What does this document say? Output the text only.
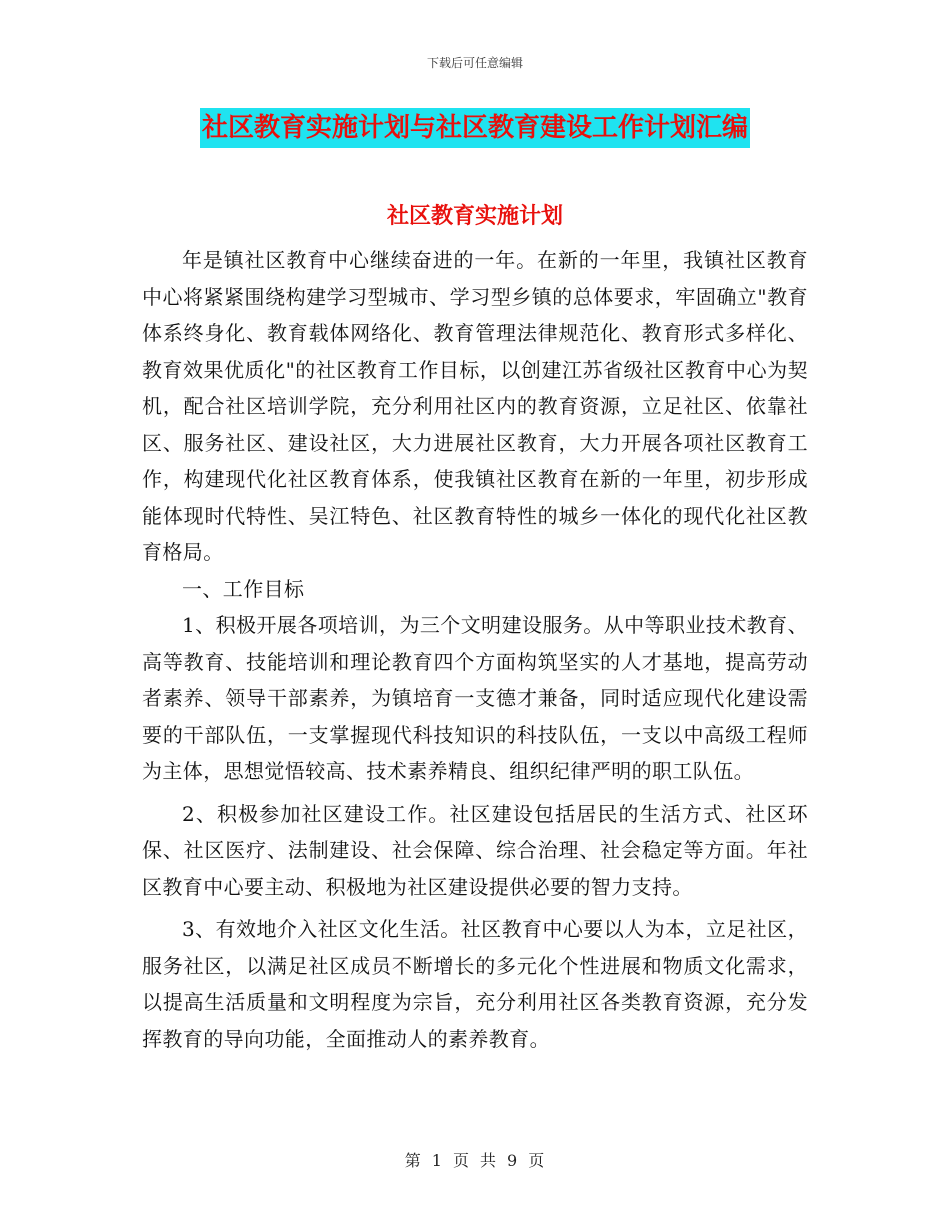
下载后可任意编辑
社区教育实施计划与社区教育建设工作计划汇编
社区教育实施计划

年是镇社区教育中心继续奋进的一年。在新的一年里，我镇社区教育中心将紧紧围绕构建学习型城市、学习型乡镇的总体要求，牢固确立"教育体系终身化、教育载体网络化、教育管理法律规范化、教育形式多样化、教育效果优质化"的社区教育工作目标，以创建江苏省级社区教育中心为契机，配合社区培训学院，充分利用社区内的教育资源，立足社区、依靠社区、服务社区、建设社区，大力进展社区教育，大力开展各项社区教育工作，构建现代化社区教育体系，使我镇社区教育在新的一年里，初步形成能体现时代特性、吴江特色、社区教育特性的城乡一体化的现代化社区教育格局。

一、工作目标

1、积极开展各项培训，为三个文明建设服务。从中等职业技术教育、高等教育、技能培训和理论教育四个方面构筑坚实的人才基地，提高劳动者素养、领导干部素养，为镇培育一支德才兼备，同时适应现代化建设需要的干部队伍，一支掌握现代科技知识的科技队伍，一支以中高级工程师为主体，思想觉悟较高、技术素养精良、组织纪律严明的职工队伍。

2、积极参加社区建设工作。社区建设包括居民的生活方式、社区环保、社区医疗、法制建设、社会保障、综合治理、社会稳定等方面。年社区教育中心要主动、积极地为社区建设提供必要的智力支持。

3、有效地介入社区文化生活。社区教育中心要以人为本，立足社区，服务社区，以满足社区成员不断增长的多元化个性进展和物质文化需求，以提高生活质量和文明程度为宗旨，充分利用社区各类教育资源，充分发挥教育的导向功能，全面推动人的素养教育。

第 1 页 共 9 页
